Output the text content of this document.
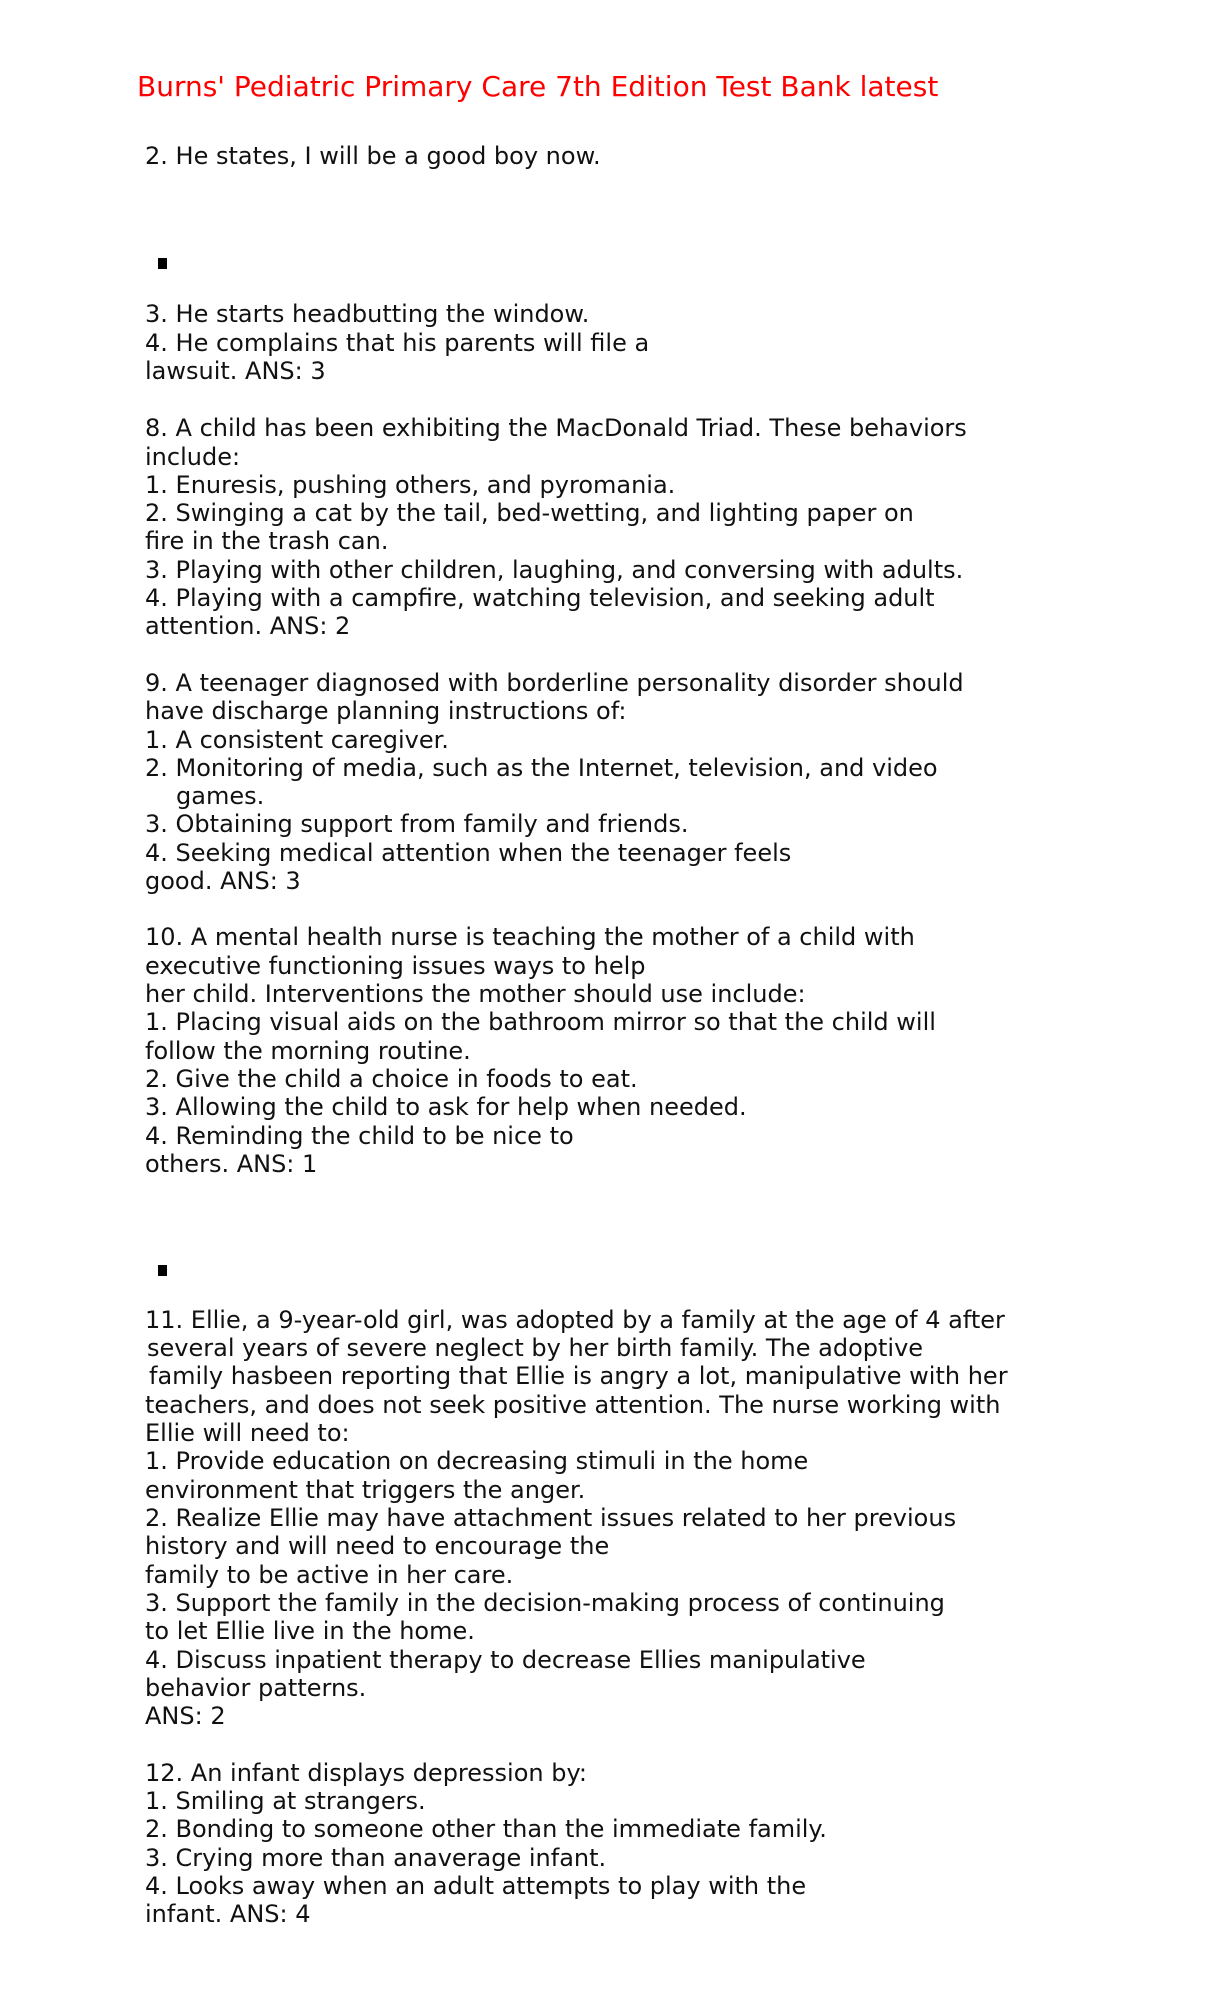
Burns' Pediatric Primary Care 7th Edition Test Bank latest
2. He states, I will be a good boy now.
3. He starts headbutting the window.
4. He complains that his parents will file a
lawsuit. ANS: 3
8. A child has been exhibiting the MacDonald Triad. These behaviors
include:
1. Enuresis, pushing others, and pyromania.
2. Swinging a cat by the tail, bed-wetting, and lighting paper on
fire in the trash can.
3. Playing with other children, laughing, and conversing with adults.
4. Playing with a campfire, watching television, and seeking adult
attention. ANS: 2
9. A teenager diagnosed with borderline personality disorder should
have discharge planning instructions of:
1. A consistent caregiver.
2. Monitoring of media, such as the Internet, television, and video
games.
3. Obtaining support from family and friends.
4. Seeking medical attention when the teenager feels
good. ANS: 3
10. A mental health nurse is teaching the mother of a child with
executive functioning issues ways to help
her child. Interventions the mother should use include:
1. Placing visual aids on the bathroom mirror so that the child will
follow the morning routine.
2. Give the child a choice in foods to eat.
3. Allowing the child to ask for help when needed.
4. Reminding the child to be nice to
others. ANS: 1
11. Ellie, a 9-year-old girl, was adopted by a family at the age of 4 after
several years of severe neglect by her birth family. The adoptive
family hasbeen reporting that Ellie is angry a lot, manipulative with her
teachers, and does not seek positive attention. The nurse working with
Ellie will need to:
1. Provide education on decreasing stimuli in the home
environment that triggers the anger.
2. Realize Ellie may have attachment issues related to her previous
history and will need to encourage the
family to be active in her care.
3. Support the family in the decision-making process of continuing
to let Ellie live in the home.
4. Discuss inpatient therapy to decrease Ellies manipulative
behavior patterns.
ANS: 2
12. An infant displays depression by:
1. Smiling at strangers.
2. Bonding to someone other than the immediate family.
3. Crying more than anaverage infant.
4. Looks away when an adult attempts to play with the
infant. ANS: 4
